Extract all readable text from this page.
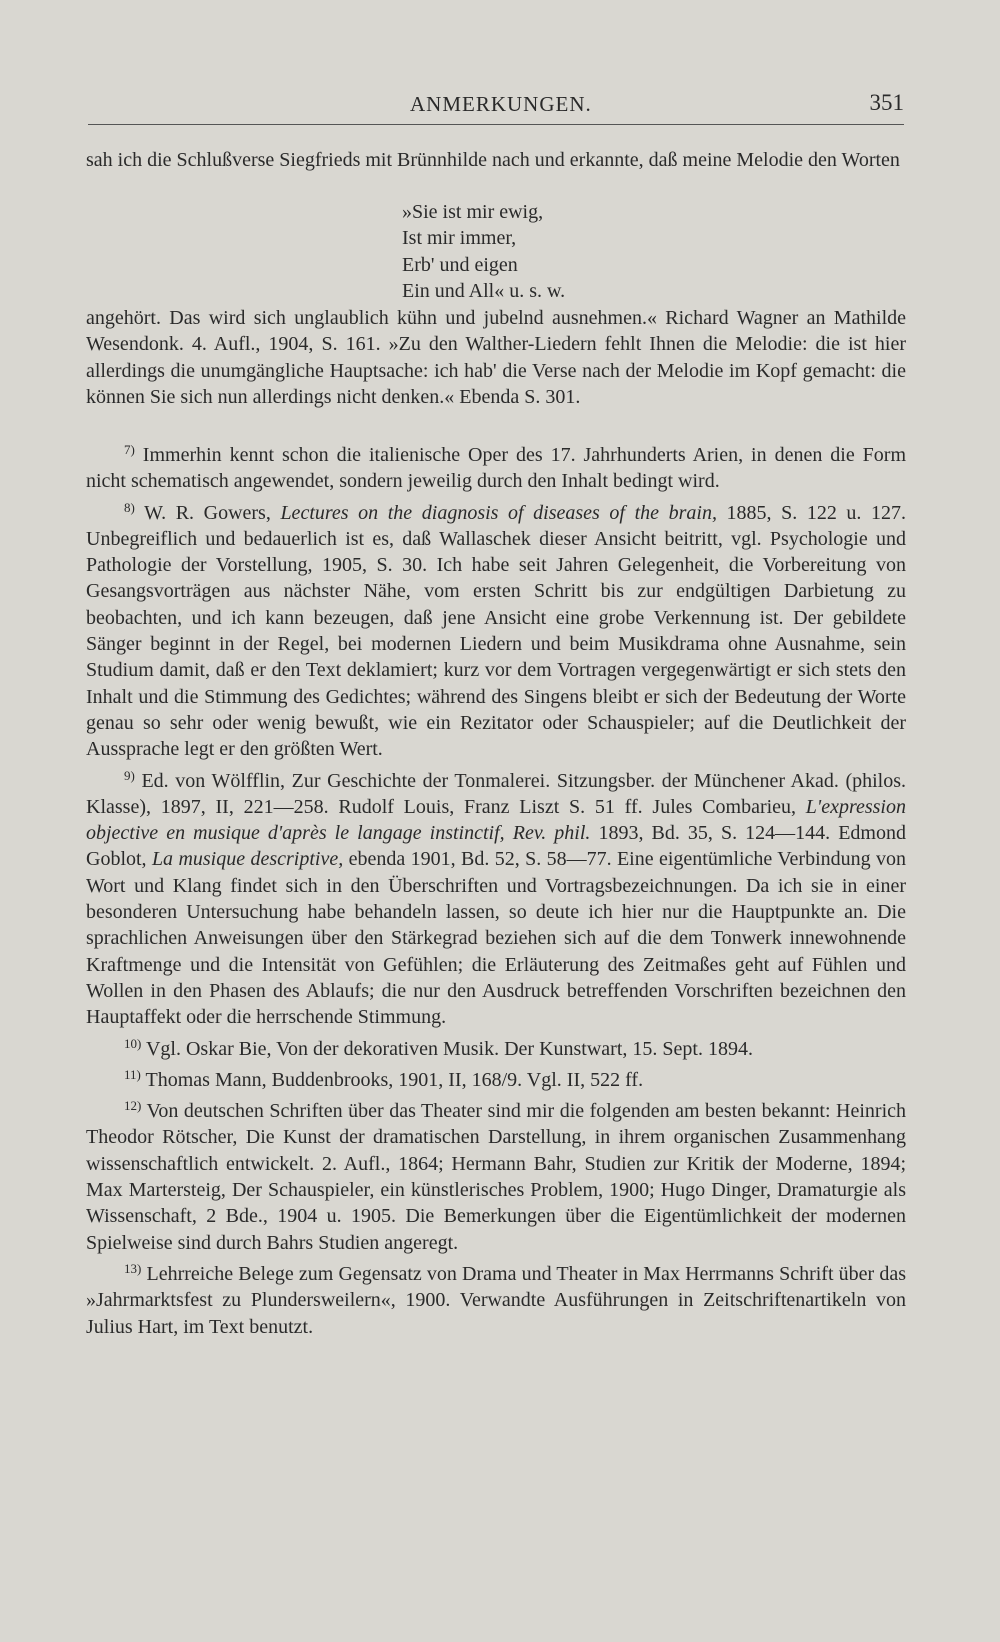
ANMERKUNGEN.	351
sah ich die Schlußverse Siegfrieds mit Brünnhilde nach und erkannte, daß meine Melodie den Worten
»Sie ist mir ewig,
Ist mir immer,
Erb' und eigen
Ein und All« u. s. w.
angehört. Das wird sich unglaublich kühn und jubelnd ausnehmen.« Richard Wagner an Mathilde Wesendonk. 4. Aufl., 1904, S. 161. »Zu den Walther-Liedern fehlt Ihnen die Melodie: die ist hier allerdings die unumgängliche Hauptsache: ich hab' die Verse nach der Melodie im Kopf gemacht: die können Sie sich nun allerdings nicht denken.« Ebenda S. 301.

$^{7)}$ Immerhin kennt schon die italienische Oper des 17. Jahrhunderts Arien, in denen die Form nicht schematisch angewendet, sondern jeweilig durch den Inhalt bedingt wird.

$^{8)}$ W. R. Gowers, Lectures on the diagnosis of diseases of the brain, 1885, S. 122 u. 127. Unbegreiflich und bedauerlich ist es, daß Wallaschek dieser Ansicht beitritt, vgl. Psychologie und Pathologie der Vorstellung, 1905, S. 30. Ich habe seit Jahren Gelegenheit, die Vorbereitung von Gesangsvorträgen aus nächster Nähe, vom ersten Schritt bis zur endgültigen Darbietung zu beobachten, und ich kann bezeugen, daß jene Ansicht eine grobe Verkennung ist. Der gebildete Sänger beginnt in der Regel, bei modernen Liedern und beim Musikdrama ohne Ausnahme, sein Studium damit, daß er den Text deklamiert; kurz vor dem Vortragen vergegenwärtigt er sich stets den Inhalt und die Stimmung des Gedichtes; während des Singens bleibt er sich der Bedeutung der Worte genau so sehr oder wenig bewußt, wie ein Rezitator oder Schauspieler; auf die Deutlichkeit der Aussprache legt er den größten Wert.

$^{9)}$ Ed. von Wölfflin, Zur Geschichte der Tonmalerei. Sitzungsber. der Münchener Akad. (philos. Klasse), 1897, II, 221—258. Rudolf Louis, Franz Liszt S. 51 ff. Jules Combarieu, L'expression objective en musique d'après le langage instinctif, Rev. phil. 1893, Bd. 35, S. 124—144. Edmond Goblot, La musique descriptive, ebenda 1901, Bd. 52, S. 58—77. Eine eigentümliche Verbindung von Wort und Klang findet sich in den Überschriften und Vortragsbezeichnungen. Da ich sie in einer besonderen Untersuchung habe behandeln lassen, so deute ich hier nur die Hauptpunkte an. Die sprachlichen Anweisungen über den Stärkegrad beziehen sich auf die dem Tonwerk innewohnende Kraftmenge und die Intensität von Gefühlen; die Erläuterung des Zeitmaßes geht auf Fühlen und Wollen in den Phasen des Ablaufs; die nur den Ausdruck betreffenden Vorschriften bezeichnen den Hauptaffekt oder die herrschende Stimmung.

$^{10)}$ Vgl. Oskar Bie, Von der dekorativen Musik. Der Kunstwart, 15. Sept. 1894.

$^{11)}$ Thomas Mann, Buddenbrooks, 1901, II, 168/9. Vgl. II, 522 ff.

$^{12)}$ Von deutschen Schriften über das Theater sind mir die folgenden am besten bekannt: Heinrich Theodor Rötscher, Die Kunst der dramatischen Darstellung, in ihrem organischen Zusammenhang wissenschaftlich entwickelt. 2. Aufl., 1864; Hermann Bahr, Studien zur Kritik der Moderne, 1894; Max Martersteig, Der Schauspieler, ein künstlerisches Problem, 1900; Hugo Dinger, Dramaturgie als Wissenschaft, 2 Bde., 1904 u. 1905. Die Bemerkungen über die Eigentümlichkeit der modernen Spielweise sind durch Bahrs Studien angeregt.

$^{13)}$ Lehrreiche Belege zum Gegensatz von Drama und Theater in Max Herrmanns Schrift über das »Jahrmarktsfest zu Plundersweilern«, 1900. Verwandte Ausführungen in Zeitschriftenartikeln von Julius Hart, im Text benutzt.
